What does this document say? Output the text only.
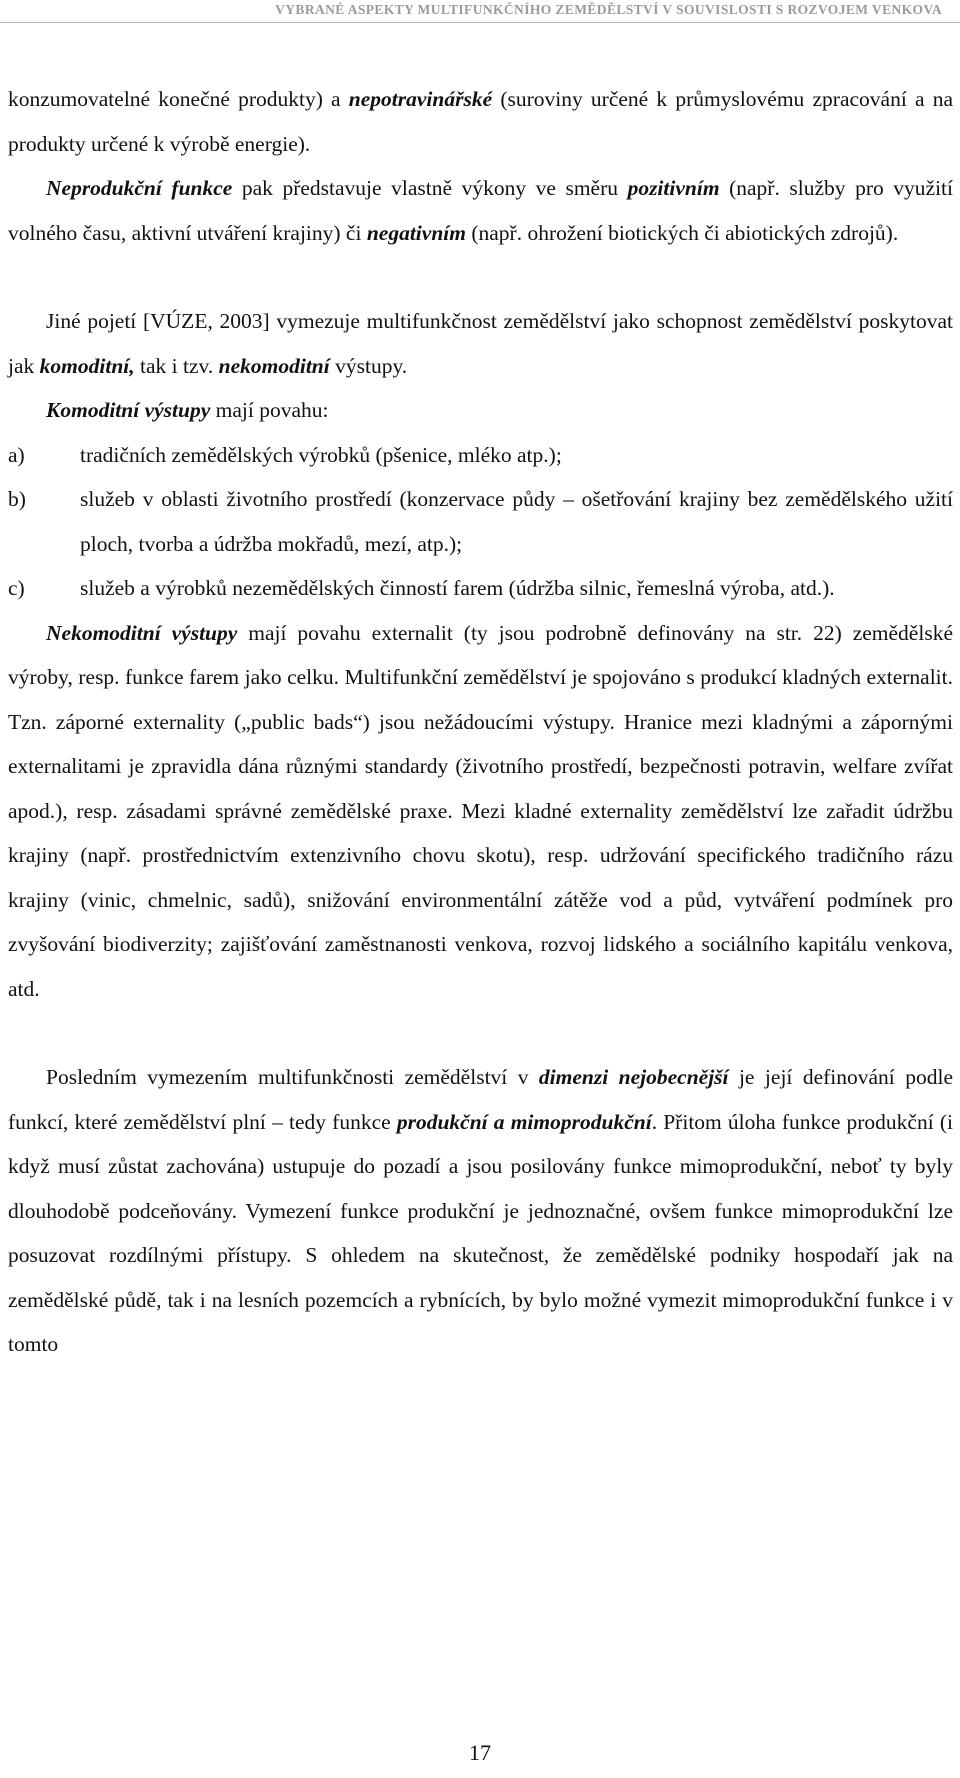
VYBRANÉ ASPEKTY MULTIFUNKČNÍHO ZEMĚDĚLSTVÍ V SOUVISLOSTI S ROZVOJEM VENKOVA

konzumovatelné konečné produkty) a nepotravinářské (suroviny určené k průmyslovému zpracování a na produkty určené k výrobě energie).

Neprodukční funkce pak představuje vlastně výkony ve směru pozitivním (např. služby pro využití volného času, aktivní utváření krajiny) či negativním (např. ohrožení biotických či abiotických zdrojů).

Jiné pojetí [VÚZE, 2003] vymezuje multifunkčnost zemědělství jako schopnost zemědělství poskytovat jak komoditní, tak i tzv. nekomoditní výstupy.

Komoditní výstupy mají povahu:

a)	tradičních zemědělských výrobků (pšenice, mléko atp.);
b)	služeb v oblasti životního prostředí (konzervace půdy – ošetřování krajiny bez zemědělského užití ploch, tvorba a údržba mokřadů, mezí, atp.);
c)	služeb a výrobků nezemědělských činností farem (údržba silnic, řemeslná výroba, atd.).

Nekomoditní výstupy mají povahu externalit (ty jsou podrobně definovány na str. 22) zemědělské výroby, resp. funkce farem jako celku. Multifunkční zemědělství je spojováno s produkcí kladných externalit. Tzn. záporné externality („public bads“) jsou nežádoucími výstupy. Hranice mezi kladnými a zápornými externalitami je zpravidla dána různými standardy (životního prostředí, bezpečnosti potravin, welfare zvířat apod.), resp. zásadami správné zemědělské praxe. Mezi kladné externality zemědělství lze zařadit údržbu krajiny (např. prostřednictvím extenzivního chovu skotu), resp. udržování specifického tradičního rázu krajiny (vinic, chmelnic, sadů), snižování environmentální zátěže vod a půd, vytváření podmínek pro zvyšování biodiverzity; zajišťování zaměstnanosti venkova, rozvoj lidského a sociálního kapitálu venkova, atd.

Posledním vymezením multifunkčnosti zemědělství v dimenzi nejobecnější je její definování podle funkcí, které zemědělství plní – tedy funkce produkční a mimoprodukční. Přitom úloha funkce produkční (i když musí zůstat zachována) ustupuje do pozadí a jsou posilovány funkce mimoprodukční, neboť ty byly dlouhodobě podceňovány. Vymezení funkce produkční je jednoznačné, ovšem funkce mimoprodukční lze posuzovat rozdílnými přístupy. S ohledem na skutečnost, že zemědělské podniky hospodaří jak na zemědělské půdě, tak i na lesních pozemcích a rybnících, by bylo možné vymezit mimoprodukční funkce i v tomto

17
